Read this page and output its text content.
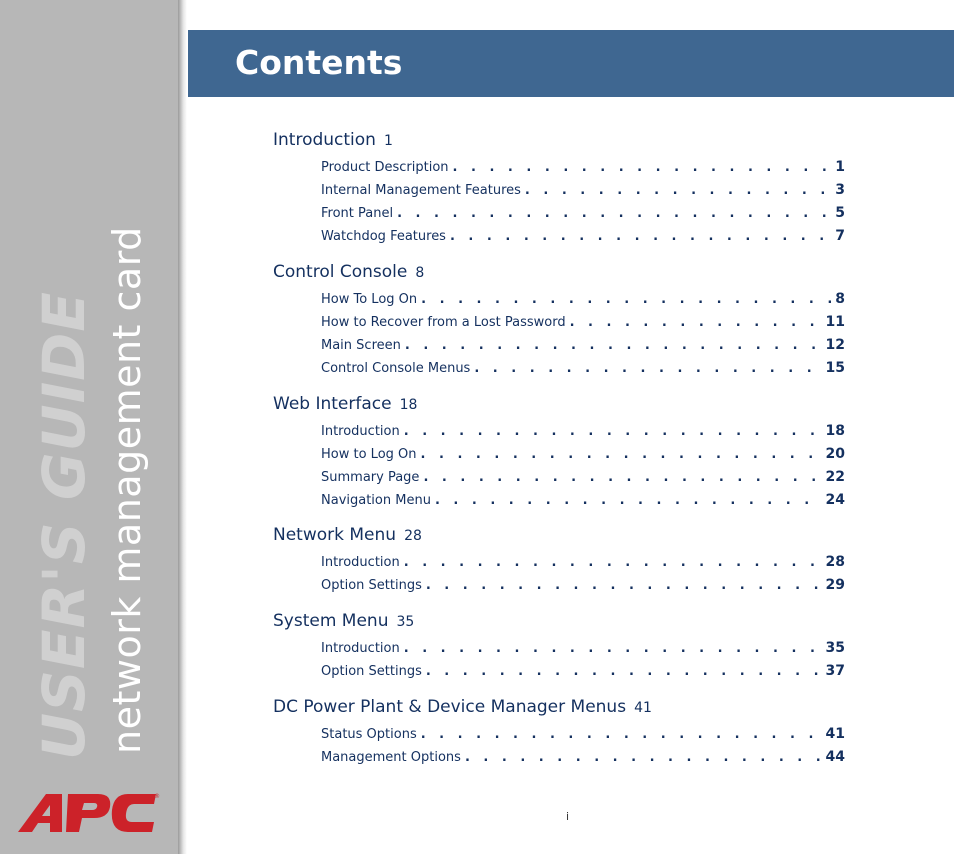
USER'S GUIDE network management card
®
Contents
Introduction 1
Product Description . . .	1
Internal Management Features . . .	3
Front Panel . . .	5
Watchdog Features . . .	7
Control Console 8
How To Log On . . .	8
How to Recover from a Lost Password . . .	11
Main Screen . . .	12
Control Console Menus . . .	15
Web Interface 18
Introduction . . .	18
How to Log On . . .	20
Summary Page . . .	22
Navigation Menu . . .	24
Network Menu 28
Introduction . . .	28
Option Settings . . .	29
System Menu 35
Introduction . . .	35
Option Settings . . .	37
DC Power Plant & Device Manager Menus 41
Status Options . . .	41
Management Options . . .	44
i
